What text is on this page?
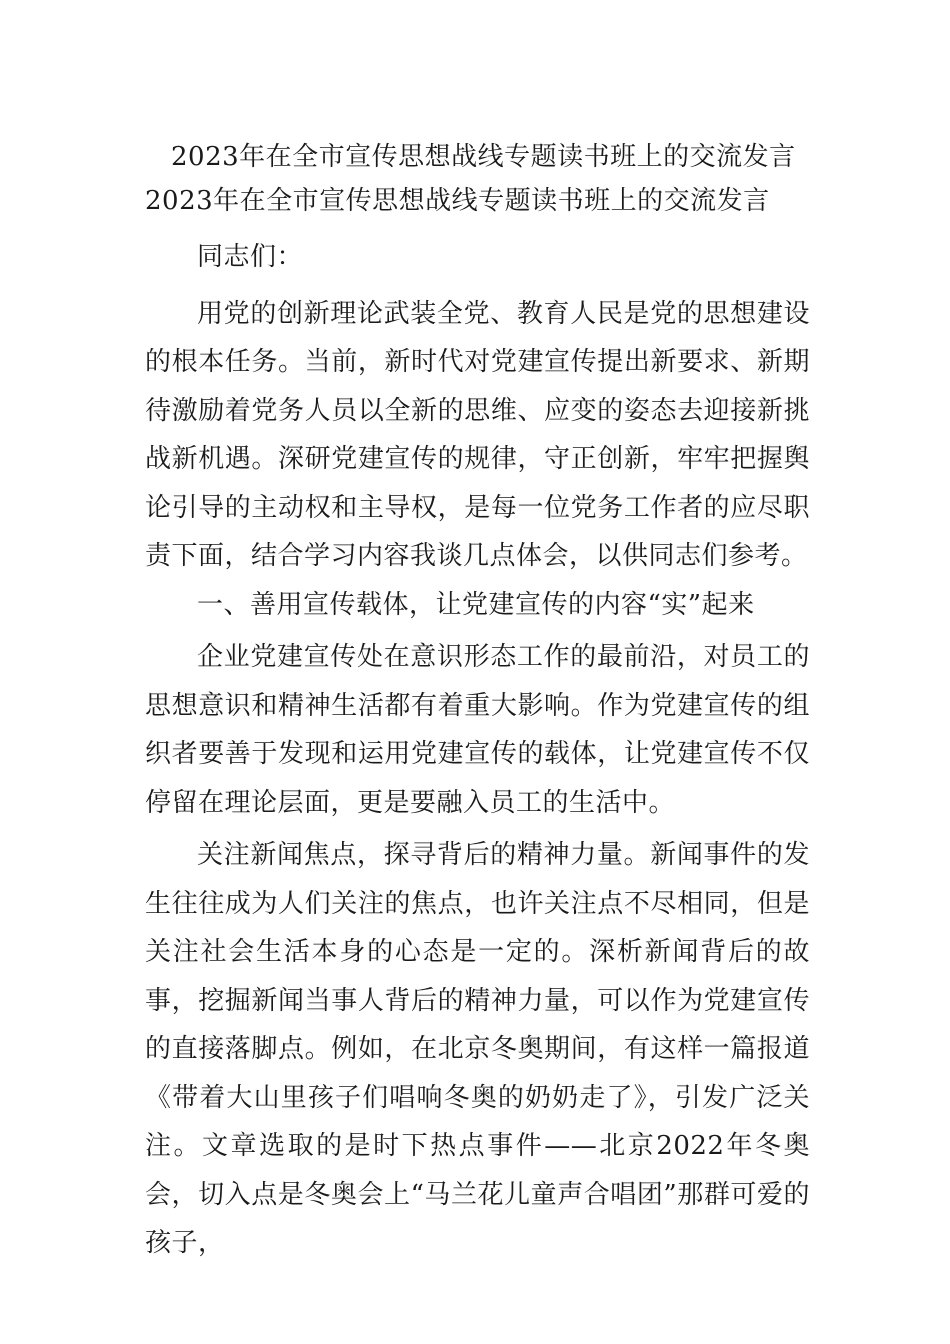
2023年在全市宣传思想战线专题读书班上的交流发言
2023年在全市宣传思想战线专题读书班上的交流发言

同志们：

用党的创新理论武装全党、教育人民是党的思想建设的根本任务。当前，新时代对党建宣传提出新要求、新期待激励着党务人员以全新的思维、应变的姿态去迎接新挑战新机遇。深研党建宣传的规律，守正创新，牢牢把握舆论引导的主动权和主导权，是每一位党务工作者的应尽职责下面，结合学习内容我谈几点体会，以供同志们参考。

一、善用宣传载体，让党建宣传的内容“实”起来

企业党建宣传处在意识形态工作的最前沿，对员工的思想意识和精神生活都有着重大影响。作为党建宣传的组织者要善于发现和运用党建宣传的载体，让党建宣传不仅停留在理论层面，更是要融入员工的生活中。

关注新闻焦点，探寻背后的精神力量。新闻事件的发生往往成为人们关注的焦点，也许关注点不尽相同，但是关注社会生活本身的心态是一定的。深析新闻背后的故事，挖掘新闻当事人背后的精神力量，可以作为党建宣传的直接落脚点。例如，在北京冬奥期间，有这样一篇报道《带着大山里孩子们唱响冬奥的奶奶走了》，引发广泛关注。文章选取的是时下热点事件——北京2022年冬奥会，切入点是冬奥会上“马兰花儿童声合唱团”那群可爱的孩子，
